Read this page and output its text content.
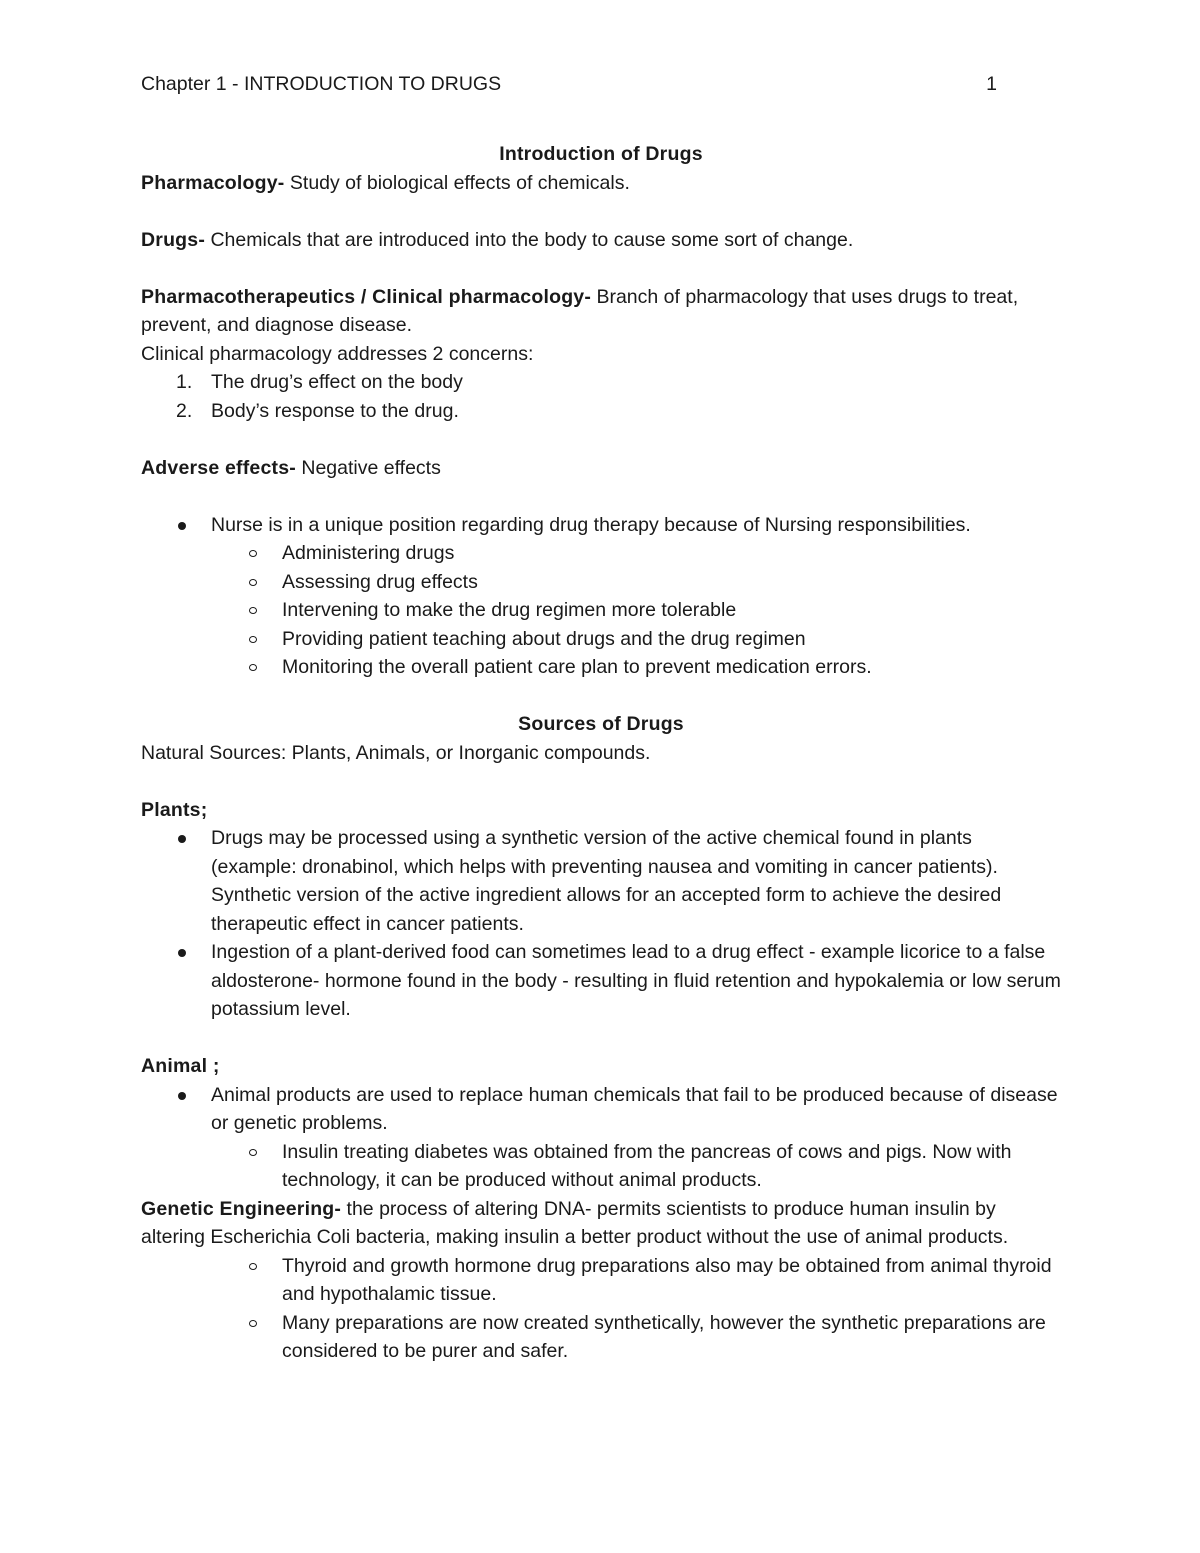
Chapter 1 - INTRODUCTION TO DRUGS	1

Introduction of Drugs

Pharmacology- Study of biological effects of chemicals.

Drugs- Chemicals that are introduced into the body to cause some sort of change.

Pharmacotherapeutics / Clinical pharmacology- Branch of pharmacology that uses drugs to treat, prevent, and diagnose disease.

Clinical pharmacology addresses 2 concerns:

1. The drug’s effect on the body
2. Body’s response to the drug.

Adverse effects- Negative effects

Nurse is in a unique position regarding drug therapy because of Nursing responsibilities.
Administering drugs
Assessing drug effects
Intervening to make the drug regimen more tolerable
Providing patient teaching about drugs and the drug regimen
Monitoring the overall patient care plan to prevent medication errors.

Sources of Drugs

Natural Sources: Plants, Animals, or Inorganic compounds.

Plants;

Drugs may be processed using a synthetic version of the active chemical found in plants (example: dronabinol, which helps with preventing nausea and vomiting in cancer patients). Synthetic version of the active ingredient allows for an accepted form to achieve the desired therapeutic effect in cancer patients.
Ingestion of a plant-derived food can sometimes lead to a drug effect - example licorice to a false aldosterone- hormone found in the body - resulting in fluid retention and hypokalemia or low serum potassium level.

Animal ;

Animal products are used to replace human chemicals that fail to be produced because of disease or genetic problems.
Insulin treating diabetes was obtained from the pancreas of cows and pigs. Now with technology, it can be produced without animal products.

Genetic Engineering- the process of altering DNA- permits scientists to produce human insulin by altering Escherichia Coli bacteria, making insulin a better product without the use of animal products.

Thyroid and growth hormone drug preparations also may be obtained from animal thyroid and hypothalamic tissue.
Many preparations are now created synthetically, however the synthetic preparations are considered to be purer and safer.
